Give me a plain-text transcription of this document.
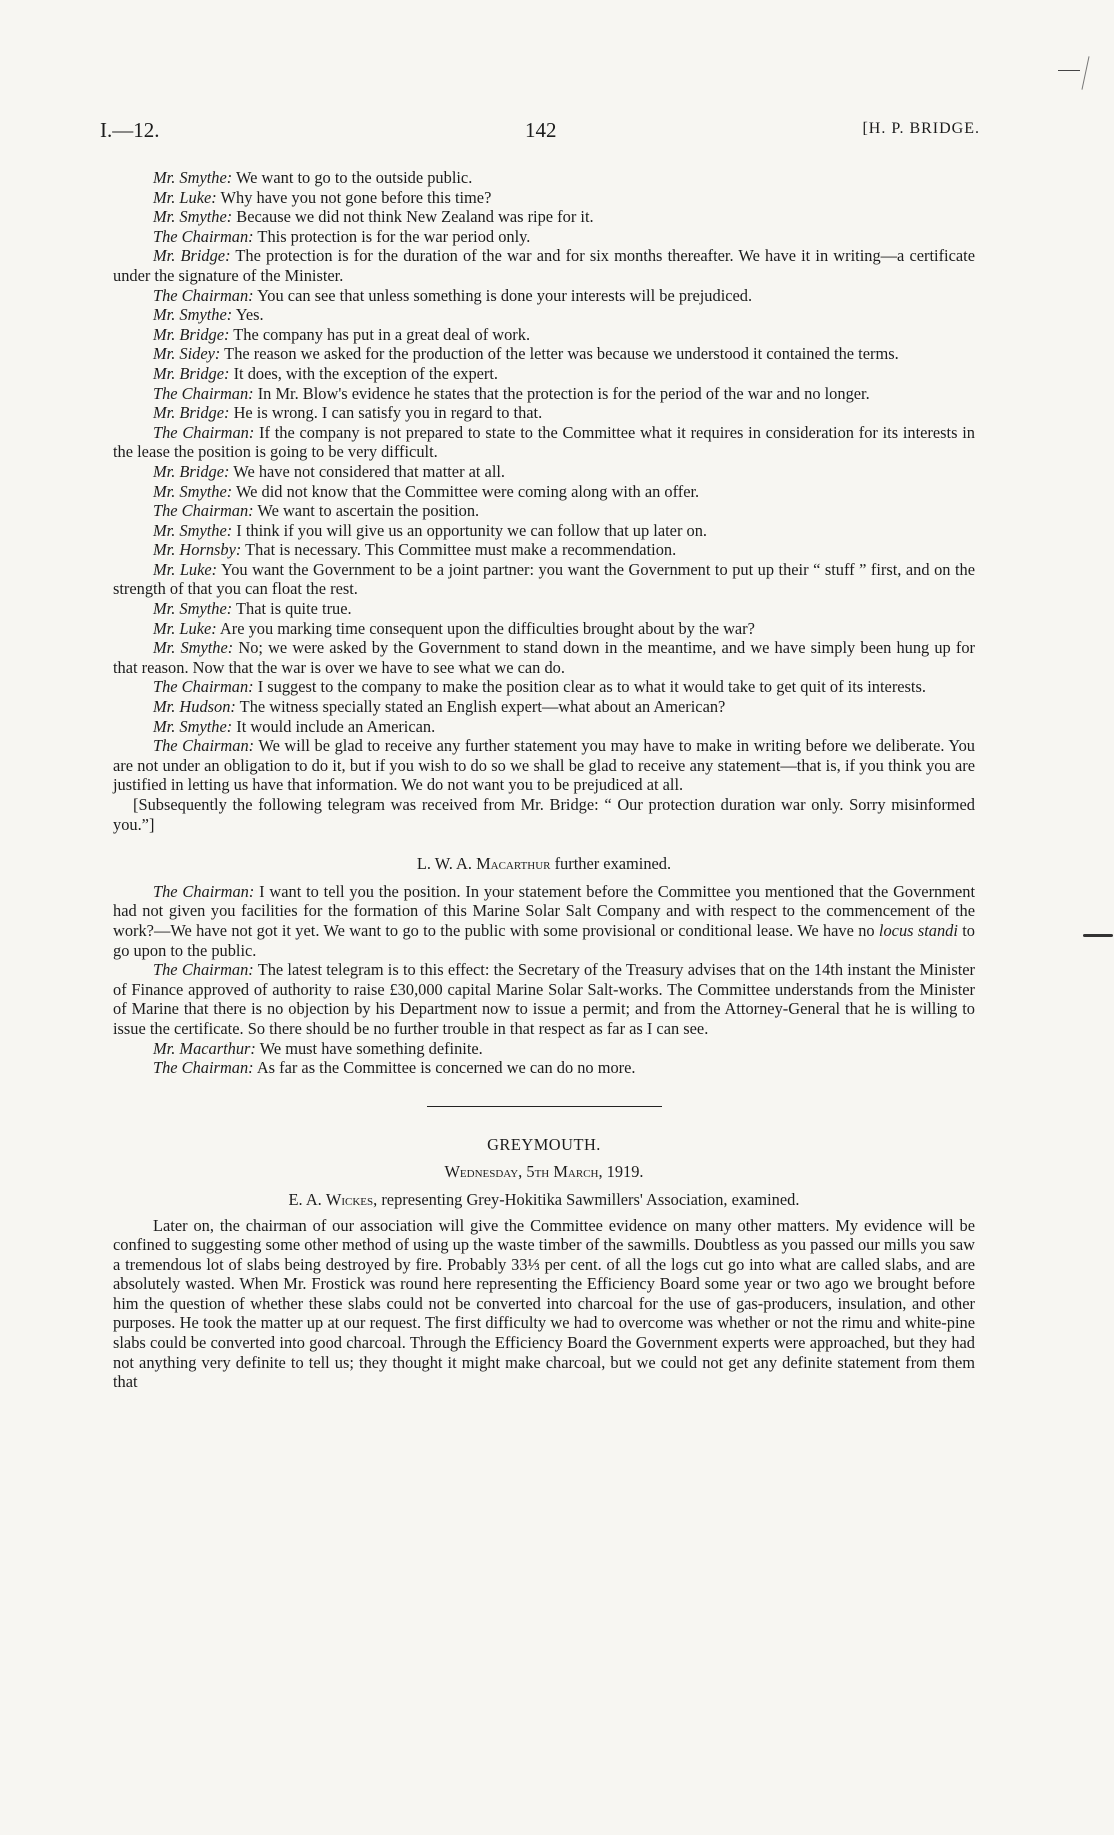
I.—12.	142	[H. P. BRIDGE.

Mr. Smythe: We want to go to the outside public.

Mr. Luke: Why have you not gone before this time?

Mr. Smythe: Because we did not think New Zealand was ripe for it.

The Chairman: This protection is for the war period only.

Mr. Bridge: The protection is for the duration of the war and for six months thereafter. We have it in writing—a certificate under the signature of the Minister.

The Chairman: You can see that unless something is done your interests will be prejudiced.

Mr. Smythe: Yes.

Mr. Bridge: The company has put in a great deal of work.

Mr. Sidey: The reason we asked for the production of the letter was because we understood it contained the terms.

Mr. Bridge: It does, with the exception of the expert.

The Chairman: In Mr. Blow's evidence he states that the protection is for the period of the war and no longer.

Mr. Bridge: He is wrong. I can satisfy you in regard to that.

The Chairman: If the company is not prepared to state to the Committee what it requires in consideration for its interests in the lease the position is going to be very difficult.

Mr. Bridge: We have not considered that matter at all.

Mr. Smythe: We did not know that the Committee were coming along with an offer.

The Chairman: We want to ascertain the position.

Mr. Smythe: I think if you will give us an opportunity we can follow that up later on.

Mr. Hornsby: That is necessary. This Committee must make a recommendation.

Mr. Luke: You want the Government to be a joint partner: you want the Government to put up their “ stuff ” first, and on the strength of that you can float the rest.

Mr. Smythe: That is quite true.

Mr. Luke: Are you marking time consequent upon the difficulties brought about by the war?

Mr. Smythe: No; we were asked by the Government to stand down in the meantime, and we have simply been hung up for that reason. Now that the war is over we have to see what we can do.

The Chairman: I suggest to the company to make the position clear as to what it would take to get quit of its interests.

Mr. Hudson: The witness specially stated an English expert—what about an American?

Mr. Smythe: It would include an American.

The Chairman: We will be glad to receive any further statement you may have to make in writing before we deliberate. You are not under an obligation to do it, but if you wish to do so we shall be glad to receive any statement—that is, if you think you are justified in letting us have that information. We do not want you to be prejudiced at all.

[Subsequently the following telegram was received from Mr. Bridge: “ Our protection duration war only. Sorry misinformed you.”]

L. W. A. Macarthur further examined.

The Chairman: I want to tell you the position. In your statement before the Committee you mentioned that the Government had not given you facilities for the formation of this Marine Solar Salt Company and with respect to the commencement of the work?—We have not got it yet. We want to go to the public with some provisional or conditional lease. We have no locus standi to go upon to the public.

The Chairman: The latest telegram is to this effect: the Secretary of the Treasury advises that on the 14th instant the Minister of Finance approved of authority to raise £30,000 capital Marine Solar Salt-works. The Committee understands from the Minister of Marine that there is no objection by his Department now to issue a permit; and from the Attorney-General that he is willing to issue the certificate. So there should be no further trouble in that respect as far as I can see.

Mr. Macarthur: We must have something definite.

The Chairman: As far as the Committee is concerned we can do no more.

GREYMOUTH.

Wednesday, 5th March, 1919.

E. A. Wickes, representing Grey-Hokitika Sawmillers' Association, examined.

Later on, the chairman of our association will give the Committee evidence on many other matters. My evidence will be confined to suggesting some other method of using up the waste timber of the sawmills. Doubtless as you passed our mills you saw a tremendous lot of slabs being destroyed by fire. Probably 33⅓ per cent. of all the logs cut go into what are called slabs, and are absolutely wasted. When Mr. Frostick was round here representing the Efficiency Board some year or two ago we brought before him the question of whether these slabs could not be converted into charcoal for the use of gas-producers, insulation, and other purposes. He took the matter up at our request. The first difficulty we had to overcome was whether or not the rimu and white-pine slabs could be converted into good charcoal. Through the Efficiency Board the Government experts were approached, but they had not anything very definite to tell us; they thought it might make charcoal, but we could not get any definite statement from them that
